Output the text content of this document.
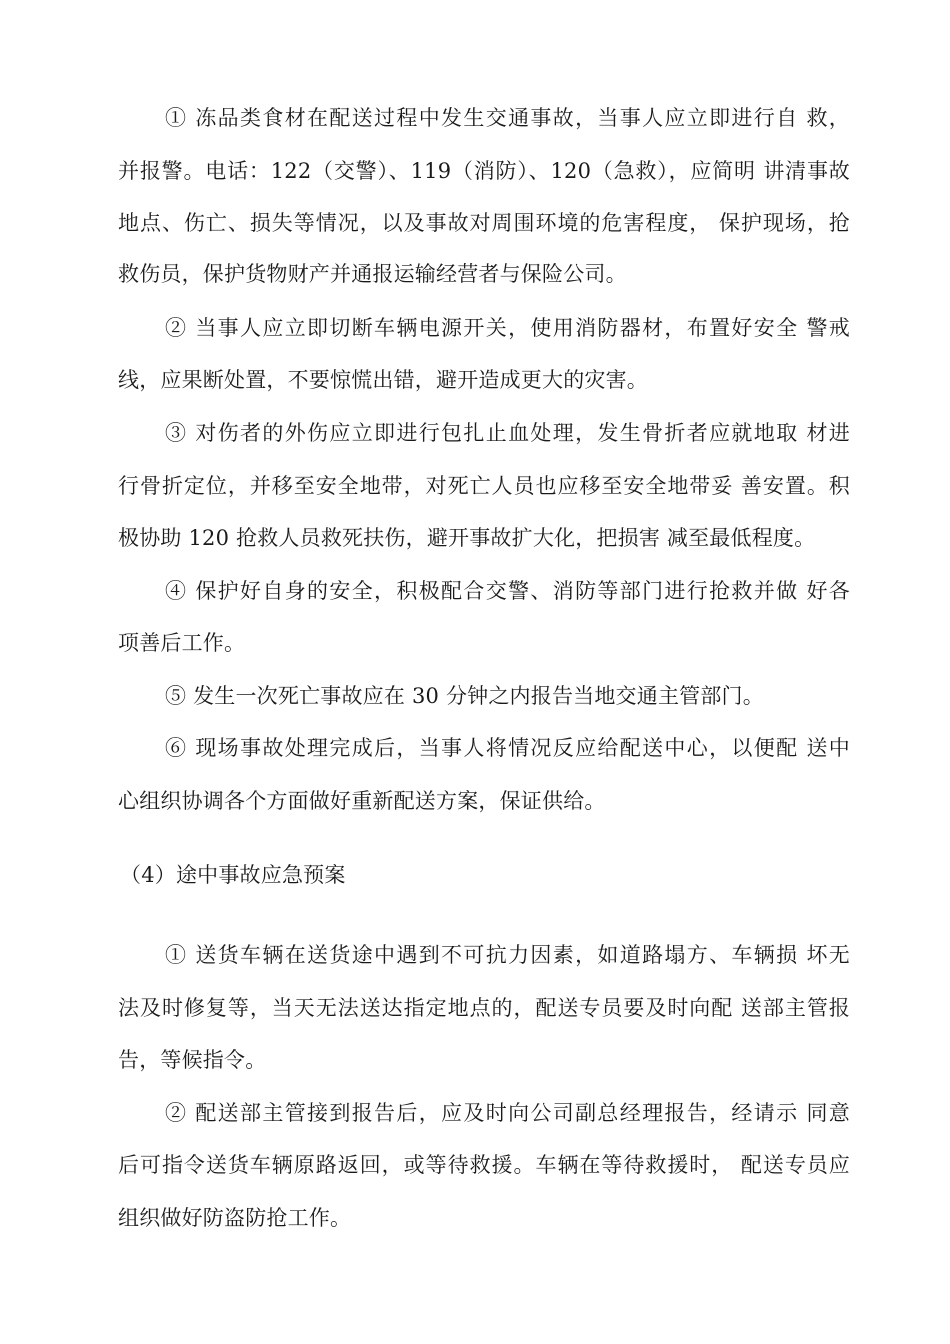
① 冻品类食材在配送过程中发生交通事故，当事人应立即进行自 救，
并报警。电话：122（交警）、119（消防）、120（急救），应简明 讲清事故
地点、伤亡、损失等情况，以及事故对周围环境的危害程度， 保护现场，抢
救伤员，保护货物财产并通报运输经营者与保险公司。
② 当事人应立即切断车辆电源开关，使用消防器材，布置好安全 警戒
线，应果断处置，不要惊慌出错，避开造成更大的灾害。
③ 对伤者的外伤应立即进行包扎止血处理，发生骨折者应就地取 材进
行骨折定位，并移至安全地带，对死亡人员也应移至安全地带妥 善安置。积
极协助 120 抢救人员救死扶伤，避开事故扩大化，把损害 减至最低程度。
④ 保护好自身的安全，积极配合交警、消防等部门进行抢救并做 好各
项善后工作。
⑤ 发生一次死亡事故应在 30 分钟之内报告当地交通主管部门。
⑥ 现场事故处理完成后，当事人将情况反应给配送中心，以便配 送中
心组织协调各个方面做好重新配送方案，保证供给。
（4）途中事故应急预案
① 送货车辆在送货途中遇到不可抗力因素，如道路塌方、车辆损 坏无
法及时修复等，当天无法送达指定地点的，配送专员要及时向配 送部主管报
告，等候指令。
② 配送部主管接到报告后，应及时向公司副总经理报告，经请示 同意
后可指令送货车辆原路返回，或等待救援。车辆在等待救援时， 配送专员应
组织做好防盗防抢工作。
